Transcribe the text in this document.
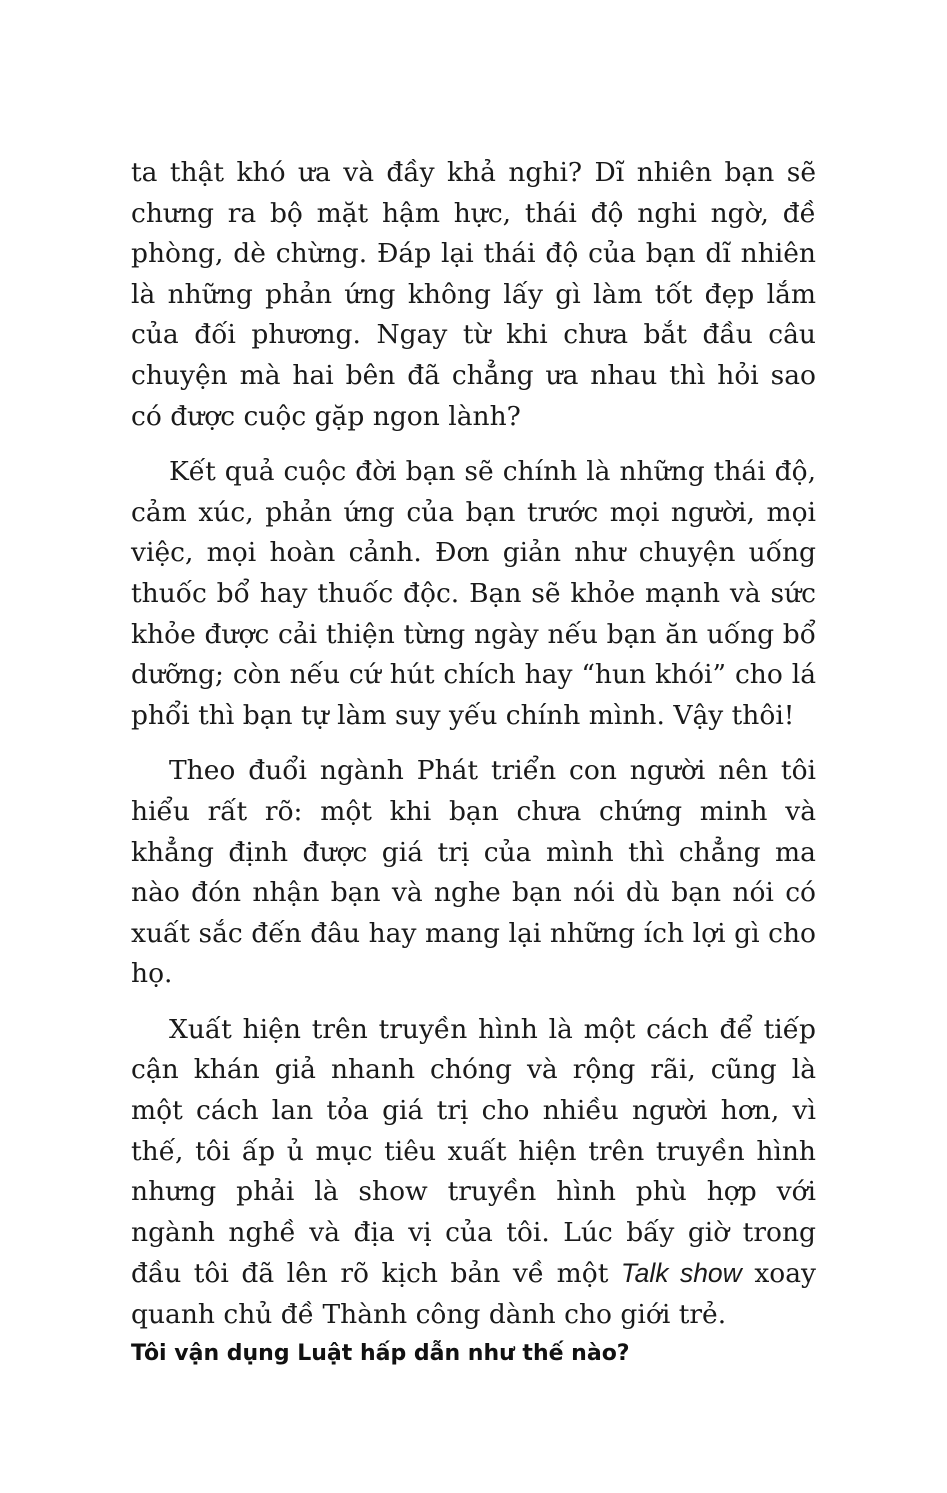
ta thật khó ưa và đầy khả nghi? Dĩ nhiên bạn sẽ chưng ra bộ mặt hậm hực, thái độ nghi ngờ, đề phòng, dè chừng. Đáp lại thái độ của bạn dĩ nhiên là những phản ứng không lấy gì làm tốt đẹp lắm của đối phương. Ngay từ khi chưa bắt đầu câu chuyện mà hai bên đã chẳng ưa nhau thì hỏi sao có được cuộc gặp ngon lành?

Kết quả cuộc đời bạn sẽ chính là những thái độ, cảm xúc, phản ứng của bạn trước mọi người, mọi việc, mọi hoàn cảnh. Đơn giản như chuyện uống thuốc bổ hay thuốc độc. Bạn sẽ khỏe mạnh và sức khỏe được cải thiện từng ngày nếu bạn ăn uống bổ dưỡng; còn nếu cứ hút chích hay “hun khói” cho lá phổi thì bạn tự làm suy yếu chính mình. Vậy thôi!

Theo đuổi ngành Phát triển con người nên tôi hiểu rất rõ: một khi bạn chưa chứng minh và khẳng định được giá trị của mình thì chẳng ma nào đón nhận bạn và nghe bạn nói dù bạn nói có xuất sắc đến đâu hay mang lại những ích lợi gì cho họ.

Xuất hiện trên truyền hình là một cách để tiếp cận khán giả nhanh chóng và rộng rãi, cũng là một cách lan tỏa giá trị cho nhiều người hơn, vì thế, tôi ấp ủ mục tiêu xuất hiện trên truyền hình nhưng phải là show truyền hình phù hợp với ngành nghề và địa vị của tôi. Lúc bấy giờ trong đầu tôi đã lên rõ kịch bản về một Talk show xoay quanh chủ đề Thành công dành cho giới trẻ.

Tôi vận dụng Luật hấp dẫn như thế nào?
